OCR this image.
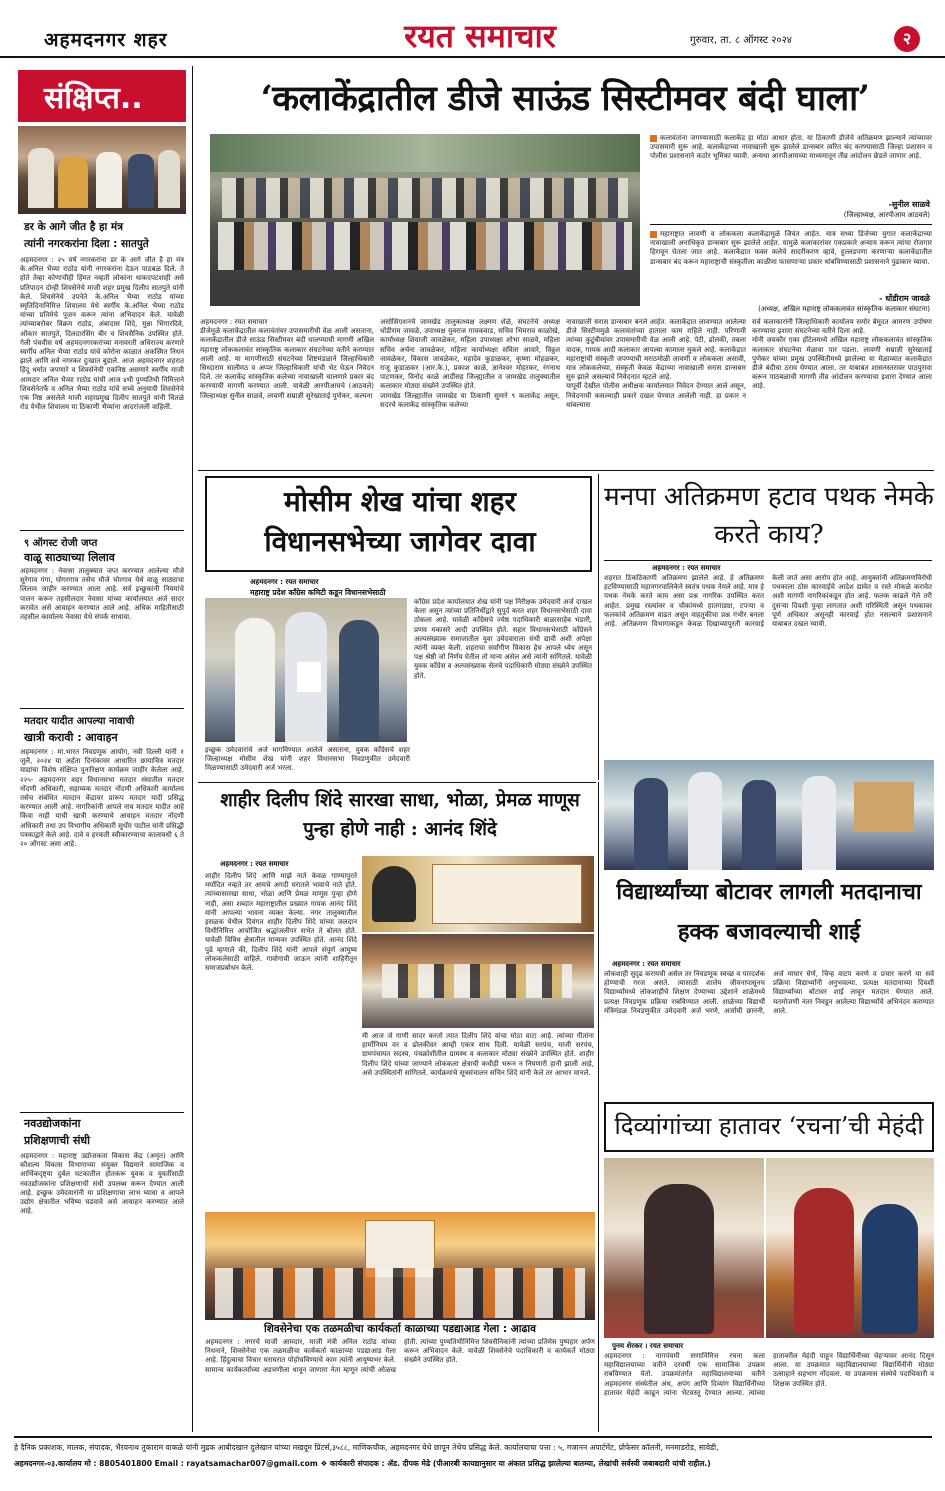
अहमदनगर शहर	रयत समाचार	गुरुवार, ता. ८ ऑगस्ट २०२४	२
संक्षिप्त..
डर के आगे जीत है हा मंत्र
त्यांनी नगरकरांना दिला : सातपुते
अहमदनगर : २५ वर्ष नगरकरांना डर के आगे जीत है हा मंत्र के.अनिल भैय्या राठोड यांनी नगरकरांना देऊन पाठबळ दिले. ते होते तेव्हा कोणाचीही हिंमत नव्हती लोकांना धाकदपटशाही असे प्रतिपादन दोन्ही शिवसेनेचे माजी शहर प्रमुख दिलीप सातपुते यांनी केले. शिवसेनेचे उपनेते के.अनिल भैय्या राठोड यांच्या स्मृतिदिनानिमित्त शिवालय येथे स्वर्गीय के.अनिल भैय्या राठोड यांच्या प्रतिमेचे पूजन करून त्यांना अभिवादन केले. यावेळी त्यांच्याबरोबर विक्रम राठोड, अंबादास शिंदे, मुन्ना भिंगारदिवे, ओंकार सातपुते, दिलदारसिंग बीर व शिवसैनिक उपस्थित होते. गेली पंचवीस वर्ष अहमदनगरकरांच्या मनावरती अधिराज्य करणारे स्वर्गीय अनिल भैय्या राठोड यांचे कोरोना काळात अकस्मित निधन झाले आणि सर्व नगरकर दुःखात बुडाले. आज अहमदनगर शहरात हिंदू धर्मात जपणारे व शिवसेनेची एकनिष्ठ असणारे स्वर्गीय माजी आमदार अनिल भैय्या राठोड यांची आज ४थी पुण्यतिथी निमित्ताने शिवसेनेतर्फे व अनिल भैय्या राठोड यांचे सच्चे अनुयायी शिवसेनेचे एक निष्ठ असलेले माजी शहरप्रमुख दिलीप सातपुते यांनी चितळे रोड येथील शिवालय या ठिकाणी भैय्यांना आदरांजली वाहिली.
९ ऑगस्ट रोजी जप्त
वाळू साठ्याच्या लिलाव
अहमदनगर : नेवासा तालुक्यात जप्त करण्यात आलेल्या मौजे सुरेगाव गंगा, घोगरगाव तसेच मौजे चोरगाव येथे वाळू साठ्याचा लिलाव जाहीर करण्यात आला आहे. सर्व इच्छुकांनी नियमांचे पालन करून तहसीलदार नेवासा यांच्या कार्यालयात अर्ज सादर करावेत असे आवाहन करण्यात आले आहे. अधिक माहितीसाठी तहसील कार्यालय नेवासा येथे संपर्क साधावा.
मतदार यादीत आपल्या नावाची
खात्री करावी : आवाहन
अहमदनगर : मा.भारत निवडणूक आयोग, नवी दिल्ली यांनी १ जुलै, २०२४ या अर्हता दिनांकावर आधारित छायाचित्र मतदार याद्यांचा विशेष संक्षिप्त पुनःरिक्षण कार्यक्रम जाहीर केलेला आहे. २२५- अहमदनगर शहर विधानसभा मतदार संघातील मतदार नोंदणी अधिकारी, सहाय्यक मतदार नोंदणी अधिकारी कार्यालय तसेच संबंधित मतदान केंद्रावर प्रारूप मतदार यादी प्रसिद्ध करण्यात आली आहे. नागरिकांनी आपले नाव मतदार यादीत आहे किंवा नाही याची खात्री करण्याचे आवाहन मतदार नोंदणी अधिकारी तथा उप विभागीय अधिकारी सुधीर पाटील यांनी प्रसिद्धी पत्रकाद्वारे केले आहे. दावे व हरकती स्वीकारण्याचा कालावधी ६ ते २० ऑगस्ट असा आहे.
नवउद्योजकांना
प्रशिक्षणाची संधी
अहमदनगर : महाराष्ट्र उद्योजकता विकास केंद्र (अमृत) आणि कौशल्य विकास विभागाच्या संयुक्त विद्यमाने सामाजिक व आर्थिकदृष्ट्या दुर्बल घटकातील होतकरू युवक व युवतींसाठी नवउद्योजकांना प्रशिक्षणाची संधी उपलब्ध करून देण्यात आली आहे. इच्छुक उमेदवारांनी या प्रशिक्षणाचा लाभ घ्यावा व आपले उद्योग क्षेत्रातील भविष्य घडवावे असे आवाहन करण्यात आले आहे.
‘कलाकेंद्रातील डीजे साऊंड सिस्टीमवर बंदी घाला’
कलावंतांना जगण्यासाठी कलाकेंद्र हा मोठा आधार होता. या ठिकाणी डीजेचे अतिक्रमण झाल्याने त्यांच्यावर उपासमारी सुरू आहे. कलाकेंद्राच्या नावाखाली सुरू झालेले डान्सबार त्वरित बंद करण्यासाठी जिल्हा प्रशासन व पोलीस प्रशासनाने कठोर भूमिका घ्यावी. अन्यथा आरपीआयच्या माध्यमातून तीव्र आंदोलन छेडले जाणार आहे.
-सुनील साळवे
(जिल्हाध्यक्ष, आरपीआय आठवले)
महाराष्ट्रात लावणी व लोककला कलाकेंद्रामुळे जिवंत आहेत. मात्र सध्या डिजेच्या युगात कलाकेंद्राच्या नावाखाली अनाधिकृत डान्सबार सुरू झालेले आहेत. यामुळे कलाकारांवर एकप्रकारे अन्याय करून त्यांचा रोजगार हिरावून घेतला जात आहे. कलाकेंद्रात फक्त कलेचे सादरीकरण व्हावे, हुल्लडपणा करणाऱ्या कलाकेंद्रातील डान्सबार बंद करून महाराष्ट्राची संस्कृतीला काळीमा फासणाऱ्या प्रकार थांबविण्यासाठी प्रशासनाने पुढाकार घ्यावा.
- धोंडीराम जावळे
(अध्यक्ष, अखिल महाराष्ट्र लोककलावंत सांस्कृतिक कलाकार संघटना)
अहमदनगर : रयत समाचार
डीजेमुळे कलाकेंद्रातील कलावंतांवर उपासमारीची वेळ आली असताना, कलाकेंद्रातील डीजे साऊंड सिस्टीमवर बंदी घालण्याची मागणी अखिल महाराष्ट्र लोककलावंत सांस्कृतिक कलाकार संघटनेच्या वतीने करण्यात आली आहे. या मागणीसाठी संघटनेच्या शिष्टमंडळाने जिल्हाधिकारी सिध्दाराम सालीमठ व अप्पर जिल्हाधिकारी यांची भेट घेऊन निवेदन दिले. तर कलाकेंद्र सांस्कृतिक कलेच्या नावाखाली चालणारे प्रकार बंद करण्याची मागणी करण्यात आली. यावेळी आरपीआयचे (आठवले) जिल्हाध्यक्ष सुनील साळवे, लावणी सम्राज्ञी सुरेखाताई पुणेकर, कल्पना
असोसिएशनचे जामखेड तालुकाध्यक्ष लक्ष्मण शेळे, संघटनेचे अध्यक्ष धोंडीराम जावळे, उपाध्यक्ष युवराज गायकवाड, सचिव भिमराव काळोखे, कार्याध्यक्ष शिवाजी जावळेकर, महिला उपाध्यक्षा शोभा साळवे, महिला सचिव अर्चना जावळेकर, महिला कार्याध्यक्षा सविता आवारे, विठ्ठल जावळेकर, विकास जावळेकर, महादेव कुडाळकर, कृष्णा मोहळकर, राजू कुडाळकर (आर.के.), प्रकाश काळे, ज्ञानेश्वर मोहरकर, रंगनाथ पाटणकर, विनोद काळे आदींसह जिल्ह्यातील व जामखेड तालुक्यातील कलाकार मोठ्या संख्येने उपस्थित होते.
जामखेड जिल्ह्यातील जामखेड या ठिकाणी सुमारे ९ कलाकेंद्र असून, सदरचे कलाकेंद्र सांस्कृतिक कलेच्या
नावाखाली सरास डान्सबार बनले आहेत. कलाकेंद्रात लावण्यात आलेल्या डीजे सिस्टीममुळे कलावंतांच्या हाताला काम राहिले नाही. परिणामी त्यांच्या कुटुंबीयांवर उपासमारीची वेळ आली आहे. पेटी, ढोलकी, तबला वादक, गायक आदी कलाकार आपल्या कामाला मुकले आहे. कलाकेंद्रात महाराष्ट्राची संस्कृती जपण्याची मराठमोळी लावणी व लोककला असावी, मात्र लोककलेच्या, संस्कृती केवळ केंद्राच्या नावाखाली सरास डान्सबार सुरु झाले असल्याचे निवेदनात म्हटले आहे.
यापूर्वी देखील पोलीस अधीक्षक कार्यालयात निवेदन देण्यात आले असून, निवेदनाची कसल्याही प्रकारे दखल घेण्यात आलेली नाही. हा प्रकार न थांबल्यास
सर्व कलाकारांनी जिल्हाधिकारी कार्यालय समोर बेमुदत आमरण उपोषण करण्याचा इशारा संघटनेच्या वतीने दिला आहे.
मोनी जयकौर एका हॉटेलमध्ये अखिल महाराष्ट्र लोककलावंत सांस्कृतिक कलाकार संघटनेचा मेळावा पार पडला. लावणी सम्राज्ञी सुरेखाताई पुणेकर यांच्या प्रमुख उपस्थितीमध्ये झालेल्या या मेळाव्यात कलाकेंद्रात डीजे बंदीचा ठराव घेण्यात आला. तर याबाबत शासनस्तरावर पाठपुरावा करून पाठबळाची मागणी तीव्र आंदोलन करण्याचा इशारा देण्यात आला आहे.
मोसीम शेख यांचा शहर विधानसभेच्या जागेवर दावा
अहमदनगर : रयत समाचार
महाराष्ट्र प्रदेश काँग्रेस कमिटी कडून विधानसभेसाठी
काँग्रेस प्रदेश कार्यालयात शेख यांनी पक्ष निरीक्षक उमेदवारी अर्ज दाखल केला असून त्यांच्या प्रतिनिधींद्वारे सुपूर्द करत शहर विधानसभेसाठी दावा ठोकला आहे. यावेळी काँग्रेसचे ज्येष्ठ पदाधिकारी बाळासाहेब भंडारी, प्रणव मकासरे आदी उपस्थित होते. सहार विधानसभेसाठी काँग्रेसने अल्पसंख्याक समाजातील युवा उमेदवाराला संधी द्यावी अशी अपेक्षा त्यांनी व्यक्त केली. शहराचा सर्वांगीण विकास हेच आपले ध्येय असून पक्ष श्रेष्ठी जो निर्णय घेतील तो मान्य असेल असे त्यांनी सांगितले. यावेळी युवक काँग्रेस व अल्पसंख्याक सेलचे पदाधिकारी मोठ्या संख्येने उपस्थित होते.
इच्छुक उमेदवारांचे अर्ज मागविण्यात आलेले असताना, युवक काँग्रेसचे शहर जिल्हाध्यक्ष मोसीम शेख यांनी शहर विधानसभा निवडणुकीत उमेदवारी मिळण्यासाठी उमेदवारी अर्ज भरला.
मनपा अतिक्रमण हटाव पथक नेमके करते काय?
अहमदनगर : रयत समाचार
शहरात ठिकठिकाणी अतिक्रमण झालेले आहे. हे अतिक्रमण हटविण्यासाठी महानगरपालिकेने स्वतंत्र पथक नेमले आहे. मात्र हे पथक नेमके करते काय असा प्रश्न नागरिक उपस्थित करत आहेत. प्रमुख रस्त्यांवर व चौकांमध्ये हातगाड्या, टपऱ्या व फलकांचे अतिक्रमण वाढत असून वाहतुकीचा प्रश्न गंभीर बनला आहे. अतिक्रमण विभागाकडून केवळ दिखाव्यापुरती कारवाई केली जाते असा आरोप होत आहे. आयुक्तांनी अतिक्रमणविरोधी पथकाला ठोस कारवाईचे आदेश द्यावेत व रस्ते मोकळे करावेत अशी मागणी नागरिकांकडून होत आहे. फलक काढले गेले तरी दुसऱ्या दिवशी पुन्हा लागतात अशी परिस्थिती असून पथकावर पूर्ण अधिकार असूनही कारवाई होत नसल्याने प्रशासनाने याबाबत दखल घ्यावी.
शाहीर दिलीप शिंदे सारखा साधा, भोळा, प्रेमळ माणूस पुन्हा होणे नाही : आनंद शिंदे
अहमदनगर : रयत समाचार
शाहीर दिलीप शिंदे आणि माझे नाते केवळ गाण्यापुरते मर्यादित नव्हते तर आमचे अगदी घरातले भावाचे नाते होते. त्यांच्यासारखा साधा, भोळा आणि प्रेमळ माणूस पुन्हा होणे नाही, असा शब्दात महाराष्ट्रातील प्रख्यात गायक आनंद शिंदे यांनी आपल्या भावना व्यक्त केल्या. नगर तालुक्यातील इसळक येथील दिवंगत शाहीर दिलीप शिंदे यांच्या जलदान विधीनिमित्त आयोजित श्रद्धांजलीपर सभेत ते बोलत होते. यावेळी विविध क्षेत्रातील मान्यवर उपस्थित होते. आनंद शिंदे पुढे म्हणाले की, दिलीप शिंदे यांनी आपले संपूर्ण आयुष्य लोककलेसाठी वाहिले. गावोगावी जाऊन त्यांनी शाहिरीतून समाजप्रबोधन केले.
मी आज जे गाणी सादर करतो त्यात दिलीप शिंदे यांचा मोठा वाटा आहे. त्यांच्या गीतांना हार्मोनियम वर व ढोलकीवर आम्ही एकत्र साथ दिली. यावेळी सरपंच, माजी सरपंच, ग्रामपंचायत सदस्य, पंचक्रोशीतील ग्रामस्थ व कलाकार मोठ्या संख्येने उपस्थित होते. शाहीर दिलीप शिंदे यांच्या जाण्याने लोककला क्षेत्राची कधीही भरून न निघणारी हानी झाली आहे, असे उपस्थितांनी सांगितले. कार्यक्रमाचे सूत्रसंचालन सचिन शिंदे यांनी केले तर आभार मानले.
विद्यार्थ्यांच्या बोटावर लागली मतदानाचा हक्क बजावल्याची शाई
अहमदनगर : रयत समाचार
लोकशाही सुदृढ करायची असेल तर निवडणूक स्वच्छ व पारदर्शक होण्याची गरज असते. त्यासाठी शालेय जीवनापासूनच विद्यार्थ्यांमध्ये लोकशाहीचे शिक्षण देण्याच्या उद्देशाने शाळेमध्ये प्रत्यक्ष निवडणूक प्रक्रिया राबविण्यात आली. शाळेच्या विद्यार्थी मंत्रिमंडळ निवडणुकीत उमेदवारी अर्ज भरणे, अर्जांची छाननी, अर्ज माघार घेणे, चिन्ह वाटप करणे व प्रचार करणे या सर्व प्रक्रिया विद्यार्थ्यांनी अनुभवल्या. प्रत्यक्ष मतदानाच्या दिवशी विद्यार्थ्यांच्या बोटावर शाई लावून मतदान घेण्यात आले. मतमोजणी नंतर निवडून आलेल्या विद्यार्थ्यांचे अभिनंदन करण्यात आले.
दिव्यांगांच्या हातावर ‘रचना’ची मेहंदी
पुनम शेरकर । रयत समाचार
अहमदनगर : नागपंचमी सणानिमित्त रचना कला महाविद्यालयाच्या वतीने दरवर्षी एक सामाजिक उपक्रम राबविण्यात येतो. उपक्रमांतर्गत महाविद्यालयाच्या वतीने अहमदनगर संस्थेतील अंध, अपंग आणि दिव्यांग विद्यार्थिनींच्या हातावर मेहंदी काढून त्यांना भेटवस्तू देण्यात आल्या. त्यांच्या हातावरील मेहंदी पाहून विद्यार्थिनींच्या चेहऱ्यावर आनंद दिसून आला. या उपक्रमात महाविद्यालयाच्या विद्यार्थिनींनी मोठ्या उत्साहाने सहभाग नोंदवला. या उपक्रमास संस्थेचे पदाधिकारी व शिक्षक उपस्थित होते.
शिवसेनेचा एक तळमळीचा कार्यकर्ता काळाच्या पडद्याआड गेला : आढाव
अहमदनगर : नगरचे माजी आमदार, माजी मंत्री अनिल राठोड यांच्या निधनाने, शिवसेनेचा एक तळमळीचा कार्यकर्ता काळाच्या पडद्याआड गेला आहे. हिंदुत्वाचा विचार घराघरात पोहोचविण्याचे काम त्यांनी आयुष्यभर केले. सामान्य कार्यकर्त्यांच्या अडचणीला धावून जाणारा नेता म्हणून त्यांची ओळख होती. त्यांच्या पुण्यतिथीनिमित्त शिवसैनिकांनी त्यांच्या प्रतिमेस पुष्पहार अर्पण करून अभिवादन केले. यावेळी शिवसेनेचे पदाधिकारी व कार्यकर्ते मोठ्या संख्येने उपस्थित होते.
हे दैनिक प्रकाशक, मालक, संपादक, भैरवनाथ तुकाराम वाकळे यांनी मुद्रक आबीदखान दुलेखान यांच्या मखदूम प्रिंटर्स,३५८८, माणिकचौक, अहमदनगर येथे छापून तेथेच प्रसिद्ध केले. कार्यालयाचा पत्ता : ५, गजानन अपार्टमेंट, प्रोफेसर कॉलनी, मनमाडरोड, सावेडी,
अहमदनगर-०३.कार्यालय मो : 8805401800 Email : rayatsamachar007@gmail.com ❖ कार्यकारी संपादक : ॲड. दीपक मेढे (पीआरबी कायद्यानुसार या अंकात प्रसिद्ध झालेल्या बातम्या, लेखांची सर्वस्वी जबाबदारी यांची राहील.)
